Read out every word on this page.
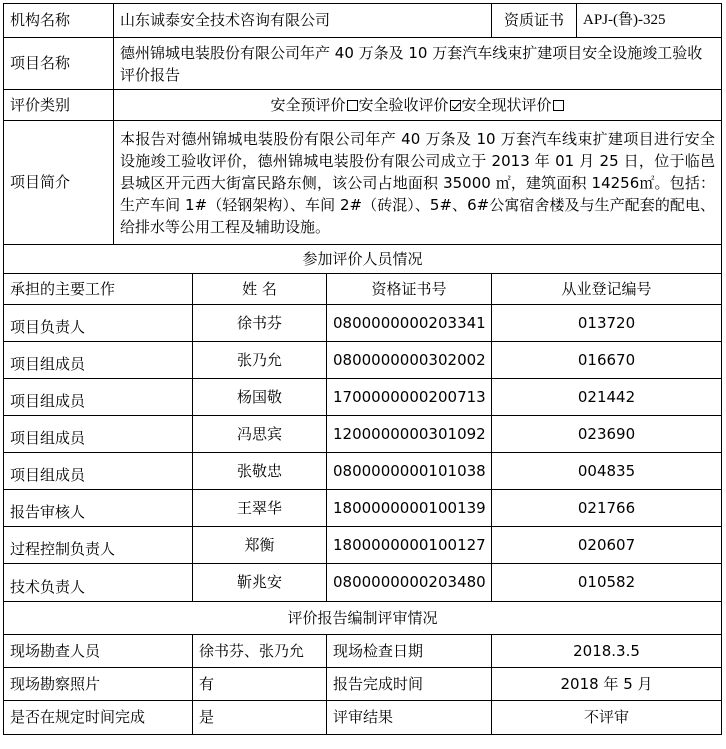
机构名称	山东诚泰安全技术咨询有限公司			资质证书	APJ-(鲁)-325
项目名称	德州锦城电装股份有限公司年产 40 万条及 10 万套汽车线束扩建项目安全设施竣工验收评价报告				
评价类别	安全预评价 安全验收评价 安全现状评价				
项目简介	本报告对德州锦城电装股份有限公司年产 40 万条及 10 万套汽车线束扩建项目进行安全设施竣工验收评价，德州锦城电装股份有限公司成立于 2013 年 01 月 25 日，位于临邑县城区开元西大街富民路东侧，该公司占地面积 35000 ㎡，建筑面积 14256㎡。包括：生产车间 1#（轻钢架构）、车间 2#（砖混）、5#、6#公寓宿舍楼及与生产配套的配电、给排水等公用工程及辅助设施。				
参加评价人员情况					
承担的主要工作		姓 名	资格证书号	从业登记编号	
项目负责人		徐书芬	0800000000203341	013720	
项目组成员		张乃允	0800000000302002	016670	
项目组成员		杨国敬	1700000000200713	021442	
项目组成员		冯思宾	1200000000301092	023690	
项目组成员		张敬忠	0800000000101038	004835	
报告审核人		王翠华	1800000000100139	021766	
过程控制负责人		郑衡	1800000000100127	020607	
技术负责人		靳兆安	0800000000203480	010582	
评价报告编制评审情况					
现场勘查人员		徐书芬、张乃允	现场检查日期	2018.3.5	
现场勘察照片		有	报告完成时间	2018 年 5 月	
是否在规定时间完成		是	评审结果	不评审	
